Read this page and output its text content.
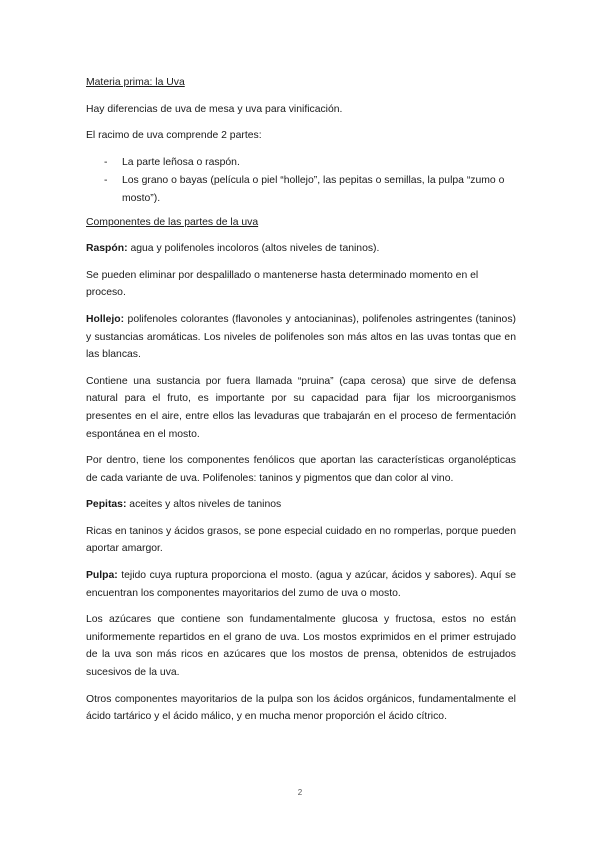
Materia prima: la Uva

Hay diferencias de uva de mesa y uva para vinificación.

El racimo de uva comprende 2 partes:

- La parte leñosa o raspón.
- Los grano o bayas (película o piel “hollejo”, las pepitas o semillas, la pulpa “zumo o mosto”).

Componentes de las partes de la uva

Raspón: agua y polifenoles incoloros (altos niveles de taninos).

Se pueden eliminar por despalillado o mantenerse hasta determinado momento en el proceso.

Hollejo: polifenoles colorantes (flavonoles y antocianinas), polifenoles astringentes (taninos) y sustancias aromáticas. Los niveles de polifenoles son más altos en las uvas tontas que en las blancas.

Contiene una sustancia por fuera llamada “pruina” (capa cerosa) que sirve de defensa natural para el fruto, es importante por su capacidad para fijar los microorganismos presentes en el aire, entre ellos las levaduras que trabajarán en el proceso de fermentación espontánea en el mosto.

Por dentro, tiene los componentes fenólicos que aportan las características organolépticas de cada variante de uva. Polifenoles: taninos y pigmentos que dan color al vino.

Pepitas: aceites y altos niveles de taninos

Ricas en taninos y ácidos grasos, se pone especial cuidado en no romperlas, porque pueden aportar amargor.

Pulpa: tejido cuya ruptura proporciona el mosto. (agua y azúcar, ácidos y sabores). Aquí se encuentran los componentes mayoritarios del zumo de uva o mosto.

Los azúcares que contiene son fundamentalmente glucosa y fructosa, estos no están uniformemente repartidos en el grano de uva. Los mostos exprimidos en el primer estrujado de la uva son más ricos en azúcares que los mostos de prensa, obtenidos de estrujados sucesivos de la uva.

Otros componentes mayoritarios de la pulpa son los ácidos orgánicos, fundamentalmente el ácido tartárico y el ácido málico, y en mucha menor proporción el ácido cítrico.

2
